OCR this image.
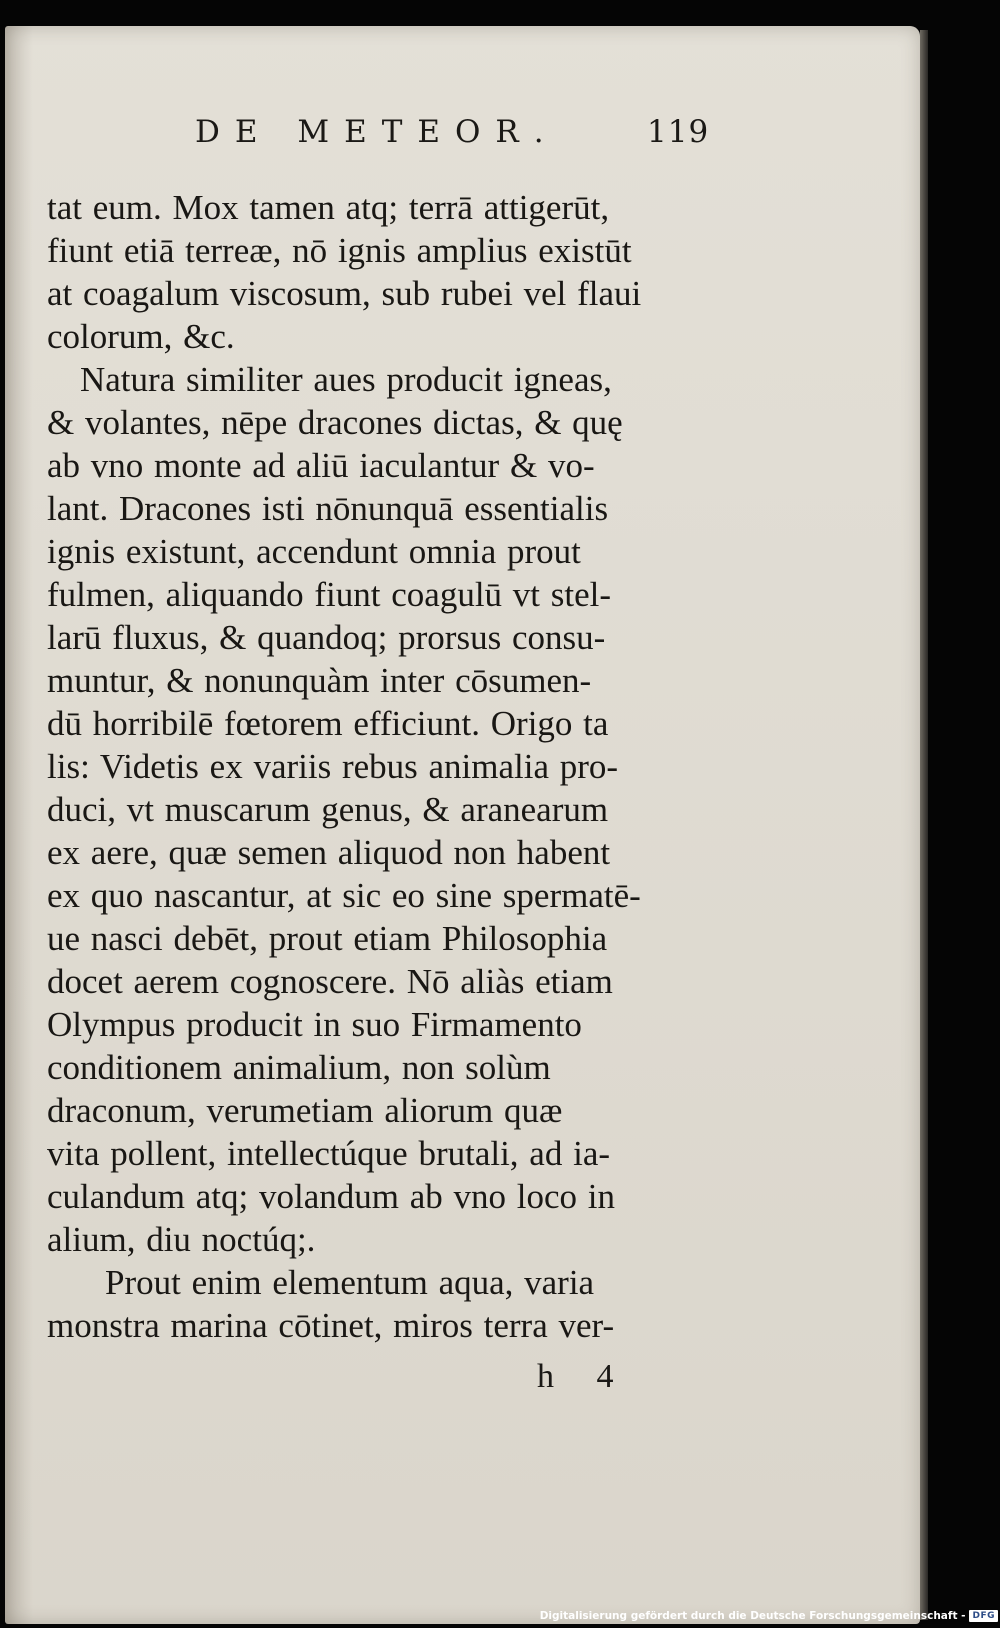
DE METEOR.	119
tat eum. Mox tamen atq; terrā attigerūt,
fiunt etiā terreæ, nō ignis amplius existūt
at coagalum viscosum, sub rubei vel flaui
colorum, &c.
Natura similiter aues producit igneas,
& volantes, nēpe dracones dictas, & quę
ab vno monte ad aliū iaculantur & vo-
lant. Dracones isti nōnunquā essentialis
ignis existunt, accendunt omnia prout
fulmen, aliquando fiunt coagulū vt stel-
larū fluxus, & quandoq; prorsus consu-
muntur, & nonunquàm inter cōsumen-
dū horribilē fœtorem efficiunt. Origo ta
lis: Videtis ex variis rebus animalia pro-
duci, vt muscarum genus, & aranearum
ex aere, quæ semen aliquod non habent
ex quo nascantur, at sic eo sine spermatē-
ue nasci debēt, prout etiam Philosophia
docet aerem cognoscere. Nō aliàs etiam
Olympus producit in suo Firmamento
conditionem animalium, non solùm
draconum, verumetiam aliorum quæ
vita pollent, intellectúque brutali, ad ia-
culandum atq; volandum ab vno loco in
alium, diu noctúq;.
Prout enim elementum aqua, varia
monstra marina cōtinet, miros terra ver-
h 4
Digitalisierung gefördert durch die Deutsche Forschungsgemeinschaft - DFG
